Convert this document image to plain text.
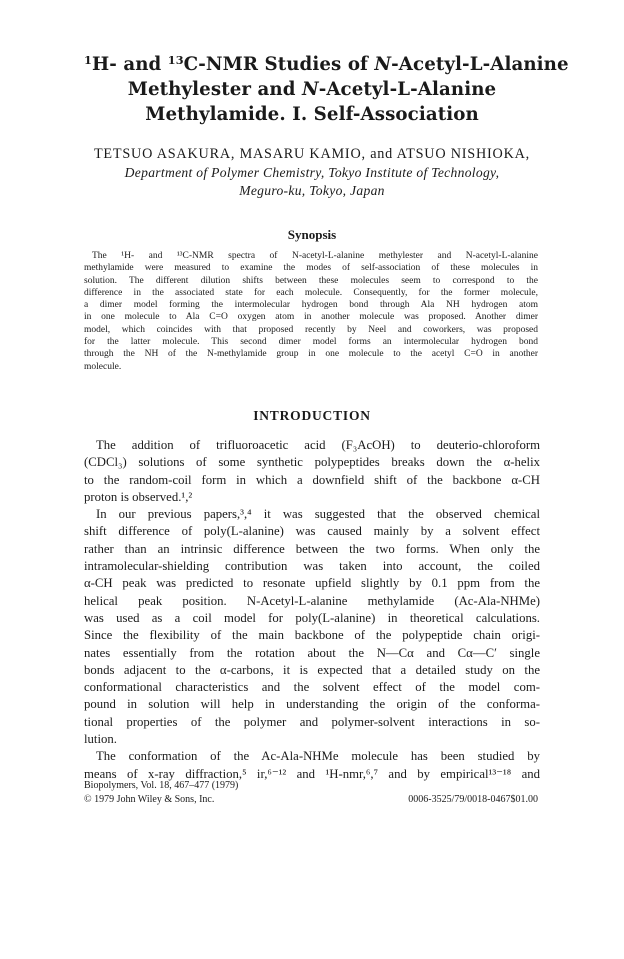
$^1$H- and $^{13}$C-NMR Studies of N-Acetyl-L-Alanine
Methylester and N-Acetyl-L-Alanine
Methylamide. I. Self-Association
TETSUO ASAKURA, MASARU KAMIO, and ATSUO NISHIOKA,
Department of Polymer Chemistry, Tokyo Institute of Technology,
Meguro-ku, Tokyo, Japan
Synopsis
The ¹H- and ¹³C-NMR spectra of N-acetyl-L-alanine methylester and N-acetyl-L-alanine
methylamide were measured to examine the modes of self-association of these molecules in
solution. The different dilution shifts between these molecules seem to correspond to the
difference in the associated state for each molecule. Consequently, for the former molecule,
a dimer model forming the intermolecular hydrogen bond through Ala NH hydrogen atom
in one molecule to Ala C=O oxygen atom in another molecule was proposed. Another dimer
model, which coincides with that proposed recently by Neel and coworkers, was proposed
for the latter molecule. This second dimer model forms an intermolecular hydrogen bond
through the NH of the N-methylamide group in one molecule to the acetyl C=O in another
molecule.
INTRODUCTION
The addition of trifluoroacetic acid (F₃AcOH) to deuterio-chloroform
(CDCl₃) solutions of some synthetic polypeptides breaks down the α-helix
to the random-coil form in which a downfield shift of the backbone α-CH
proton is observed.¹,²
In our previous papers,³,⁴ it was suggested that the observed chemical
shift difference of poly(L-alanine) was caused mainly by a solvent effect
rather than an intrinsic difference between the two forms. When only the
intramolecular-shielding contribution was taken into account, the coiled
α-CH peak was predicted to resonate upfield slightly by 0.1 ppm from the
helical peak position. N-Acetyl-L-alanine methylamide (Ac-Ala-NHMe)
was used as a coil model for poly(L-alanine) in theoretical calculations.
Since the flexibility of the main backbone of the polypeptide chain origi-
nates essentially from the rotation about the N—Cα and Cα—C′ single
bonds adjacent to the α-carbons, it is expected that a detailed study on the
conformational characteristics and the solvent effect of the model com-
pound in solution will help in understanding the origin of the conforma-
tional properties of the polymer and polymer-solvent interactions in so-
lution.
The conformation of the Ac-Ala-NHMe molecule has been studied by
means of x-ray diffraction,⁵ ir,⁶⁻¹² and ¹H-nmr,⁶,⁷ and by empirical¹³⁻¹⁸ and
Biopolymers, Vol. 18, 467–477 (1979)
© 1979 John Wiley & Sons, Inc.	0006-3525/79/0018-0467$01.00
